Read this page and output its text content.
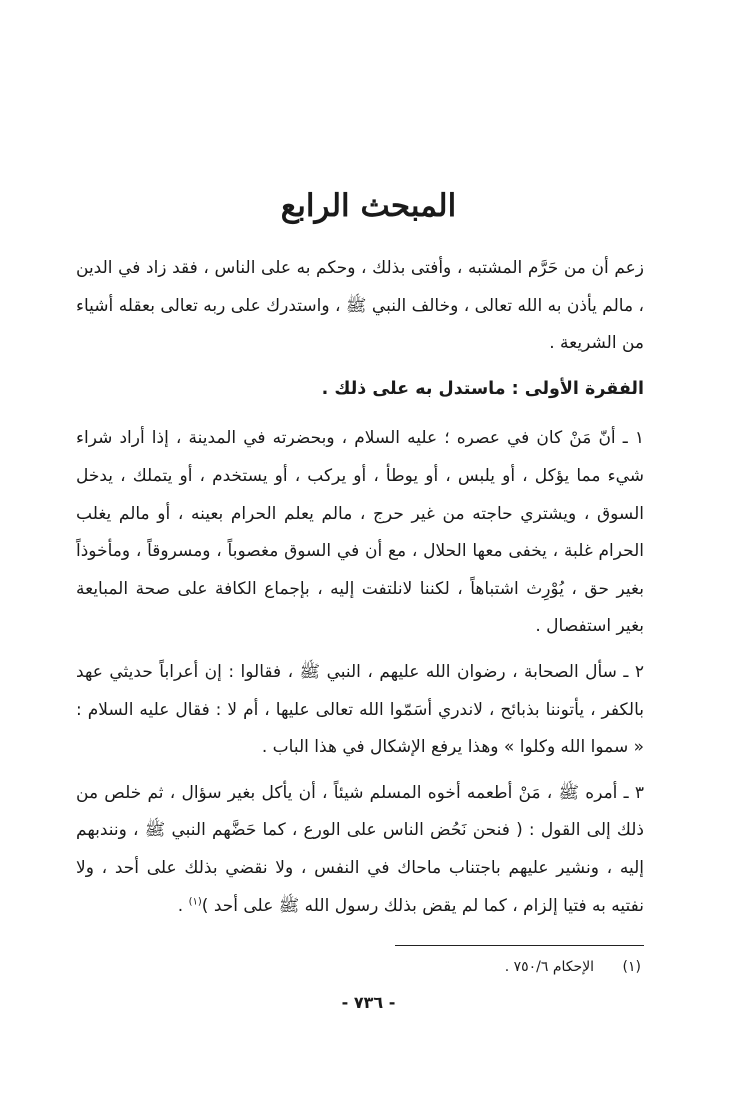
المبحث الرابع

زعم أن من حَرَّم المشتبه ، وأفتى بذلك ، وحكم به على الناس ، فقد زاد في الدين ، مالم يأذن به الله تعالى ، وخالف النبي ﷺ ، واستدرك على ربه تعالى بعقله أشياء من الشريعة .

الفقرة الأولى : ماستدل به على ذلك .

١ ـ أنّ مَنْ كان في عصره ؛ عليه السلام ، وبحضرته في المدينة ، إذا أراد شراء شيء مما يؤكل ، أو يلبس ، أو يوطأ ، أو يركب ، أو يستخدم ، أو يتملك ، يدخل السوق ، ويشتري حاجته من غير حرج ، مالم يعلم الحرام بعينه ، أو مالم يغلب الحرام غلبة ، يخفى معها الحلال ، مع أن في السوق مغصوباً ، ومسروقاً ، ومأخوذاً بغير حق ، يُوْرِث اشتباهاً ، لكننا لانلتفت إليه ، بإجماع الكافة على صحة المبايعة بغير استفصال .

٢ ـ سأل الصحابة ، رضوان الله عليهم ، النبي ﷺ ، فقالوا : إن أعراباً حديثي عهد بالكفر ، يأتوننا بذبائح ، لاندري أسَمّوا الله تعالى عليها ، أم لا : فقال عليه السلام : « سموا الله وكلوا » وهذا يرفع الإشكال في هذا الباب .

٣ ـ أمره ﷺ ، مَنْ أطعمه أخوه المسلم شيئاً ، أن يأكل بغير سؤال ، ثم خلص من ذلك إلى القول : ( فنحن نَحُض الناس على الورع ، كما حَضَّهم النبي ﷺ ، ونندبهم إليه ، ونشير عليهم باجتناب ماحاك في النفس ، ولا نقضي بذلك على أحد ، ولا نفتيه به فتيا إلزام ، كما لم يقض بذلك رسول الله ﷺ على أحد )$^{(١)}$ .

(١) الإحكام ٧٥٠/٦ .
- ٧٣٦ -
